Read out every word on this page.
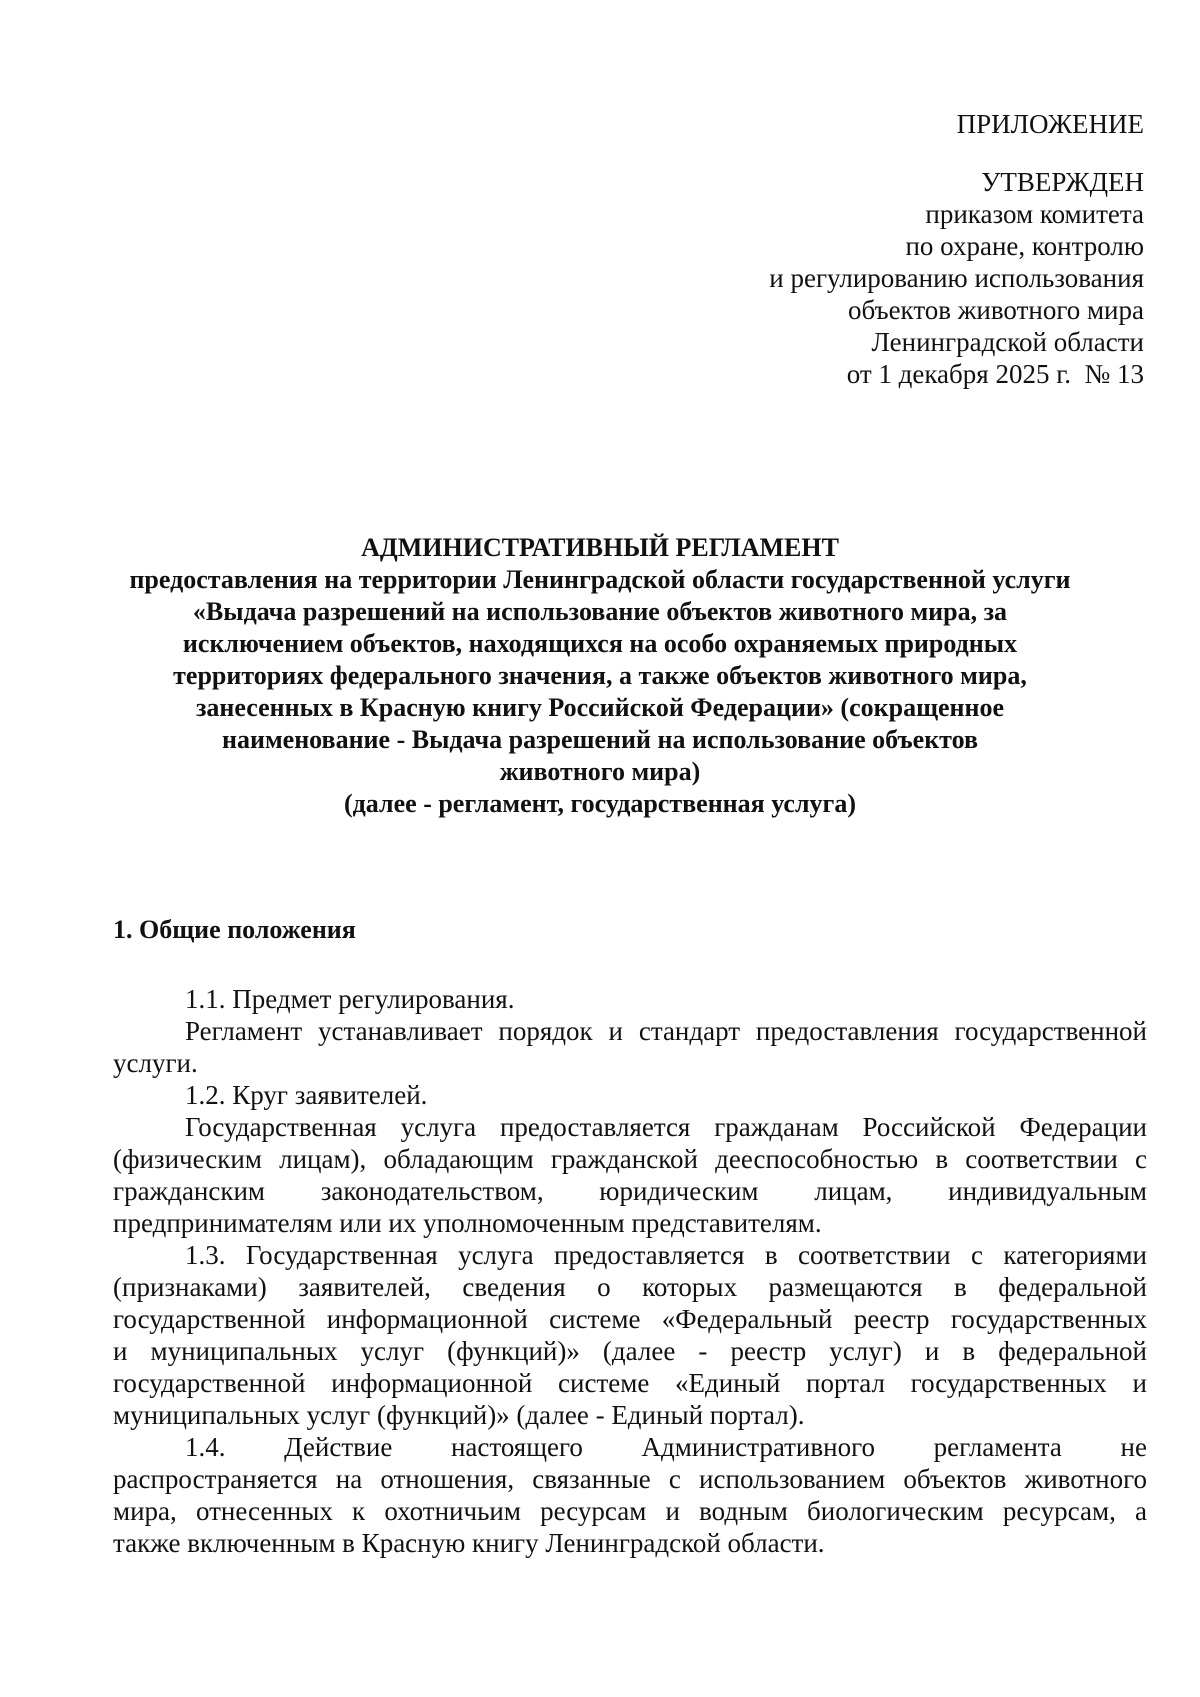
ПРИЛОЖЕНИЕ
УТВЕРЖДЕН
приказом комитета
по охране, контролю
и регулированию использования
объектов животного мира
Ленинградской области
от 1 декабря 2025 г.  № 13
АДМИНИСТРАТИВНЫЙ РЕГЛАМЕНТ
предоставления на территории Ленинградской области государственной услуги
«Выдача разрешений на использование объектов животного мира, за
исключением объектов, находящихся на особо охраняемых природных
территориях федерального значения, а также объектов животного мира,
занесенных в Красную книгу Российской Федерации» (сокращенное
наименование - Выдача разрешений на использование объектов
животного мира)
(далее - регламент, государственная услуга)
1. Общие положения
1.1. Предмет регулирования.
Регламент устанавливает порядок и стандарт предоставления государственной
услуги.
1.2. Круг заявителей.
Государственная услуга предоставляется гражданам Российской Федерации
(физическим лицам), обладающим гражданской дееспособностью в соответствии с
гражданским законодательством, юридическим лицам, индивидуальным
предпринимателям или их уполномоченным представителям.
1.3. Государственная услуга предоставляется в соответствии с категориями
(признаками) заявителей, сведения о которых размещаются в федеральной
государственной информационной системе «Федеральный реестр государственных
и муниципальных услуг (функций)» (далее - реестр услуг) и в федеральной
государственной информационной системе «Единый портал государственных и
муниципальных услуг (функций)» (далее - Единый портал).
1.4. Действие настоящего Административного регламента не
распространяется на отношения, связанные с использованием объектов животного
мира, отнесенных к охотничьим ресурсам и водным биологическим ресурсам, а
также включенным в Красную книгу Ленинградской области.
